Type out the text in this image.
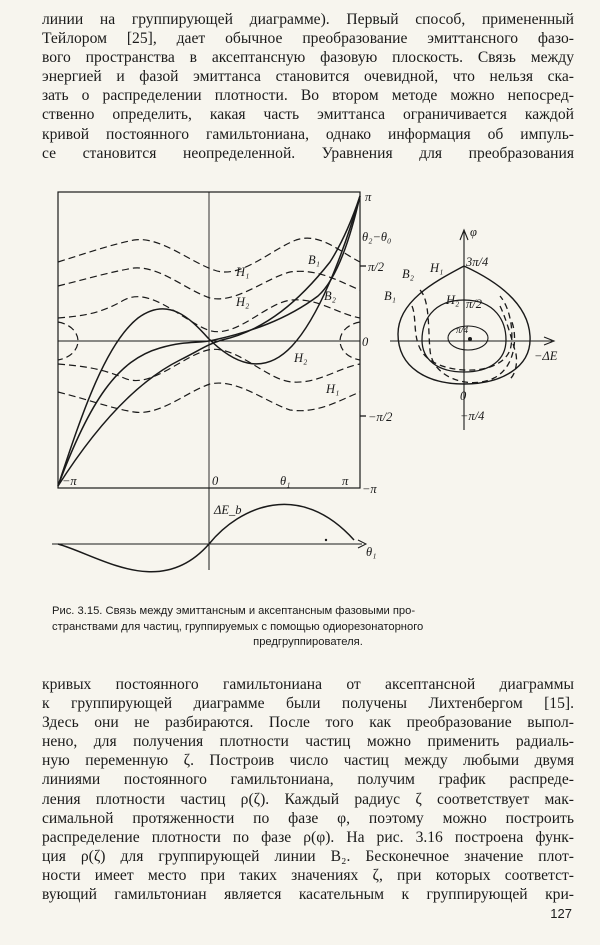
линии на группирующей диаграмме). Первый способ, примененный
Тейлором [25], дает обычное преобразование эмиттансного фазо-
вого пространства в аксептансную фазовую плоскость. Связь между
энергией и фазой эмиттанса становится очевидной, что нельзя ска-
зать о распределении плотности. Во втором методе можно непосред-
ственно определить, какая часть эмиттанса ограничивается каждой
кривой постоянного гамильтониана, однако информация об импуль-
се становится неопределенной. Уравнения для преобразования
B₁
H₁
B₂
H₂
H₂
H₁
π
θ₂−θ₀
π/2
0
−π/2
−π
−π	0	θ₁	π
φ
3π/4
B₂ H₁
B₁	H₂ π/2
π/4
−ΔE
0
−π/4
ΔE_b
θ₁
Рис. 3.15. Связь между эмиттансным и аксептансным фазовыми про-
странствами для частиц, группируемых с помощью одиорезонаторного
предгруппирователя.
кривых постоянного гамильтониана от аксептансной диаграммы
к группирующей диаграмме были получены Лихтенбергом [15].
Здесь они не разбираются. После того как преобразование выпол-
нено, для получения плотности частиц можно применить радиаль-
ную переменную ζ. Построив число частиц между любыми двумя
линиями постоянного гамильтониана, получим график распреде-
ления плотности частиц ρ(ζ). Каждый радиус ζ соответствует мак-
симальной протяженности по фазе φ, поэтому можно построить
распределение плотности по фазе ρ(φ). На рис. 3.16 построена функ-
ция ρ(ζ) для группирующей линии B₂. Бесконечное значение плот-
ности имеет место при таких значениях ζ, при которых соответст-
вующий гамильтониан является касательным к группирующей кри-
127
